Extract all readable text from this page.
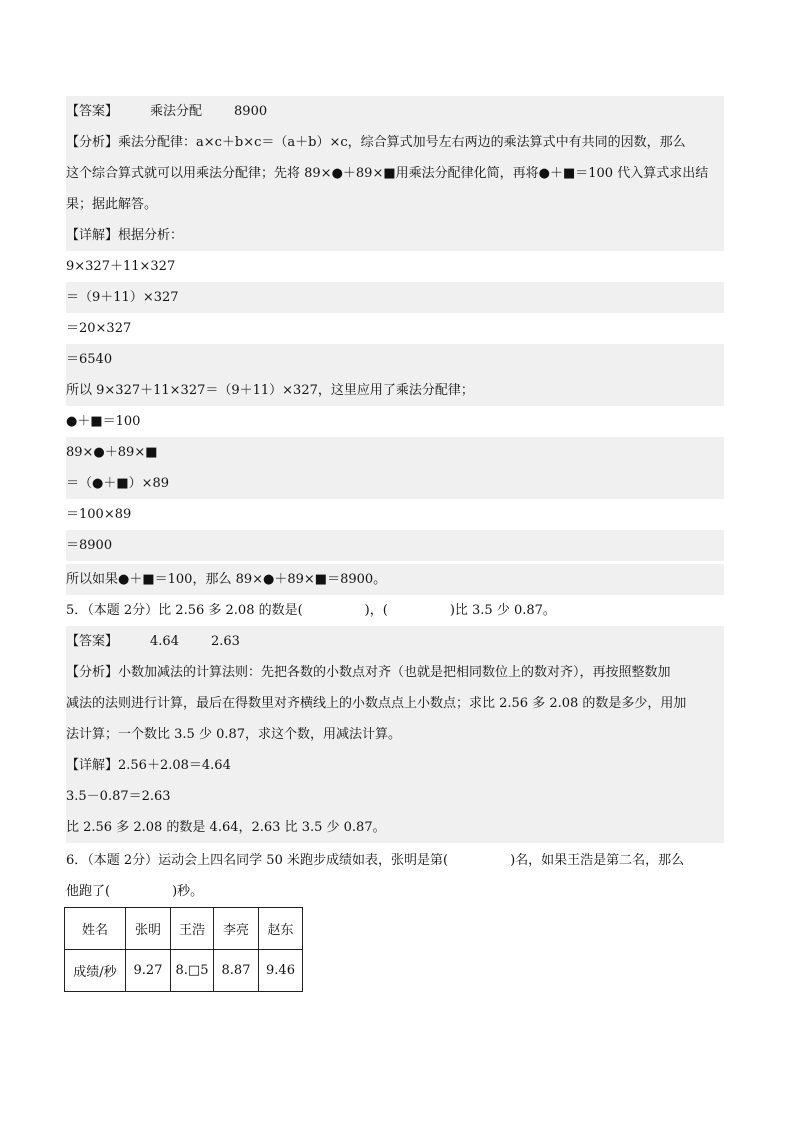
【答案】 乘法分配 8900
【分析】乘法分配律：a×c＋b×c＝（a＋b）×c，综合算式加号左右两边的乘法算式中有共同的因数，那么
这个综合算式就可以用乘法分配律；先将 89×●＋89×■用乘法分配律化简，再将●＋■＝100 代入算式求出结
果；据此解答。
【详解】根据分析：
9×327＋11×327
＝（9＋11）×327
＝20×327
＝6540
所以 9×327＋11×327＝（9＋11）×327，这里应用了乘法分配律；
●＋■＝100
89×●＋89×■
＝（●＋■）×89
＝100×89
＝8900
所以如果●＋■＝100，那么 89×●＋89×■＝8900。
5．（本题 2分）比 2.56 多 2.08 的数是(	)，(	)比 3.5 少 0.87。
【答案】 4.64 2.63
【分析】小数加减法的计算法则：先把各数的小数点对齐（也就是把相同数位上的数对齐），再按照整数加
减法的法则进行计算，最后在得数里对齐横线上的小数点点上小数点；求比 2.56 多 2.08 的数是多少，用加
法计算；一个数比 3.5 少 0.87，求这个数，用减法计算。
【详解】2.56＋2.08＝4.64
3.5－0.87＝2.63
比 2.56 多 2.08 的数是 4.64，2.63 比 3.5 少 0.87。
6．（本题 2分）运动会上四名同学 50 米跑步成绩如表，张明是第(	)名，如果王浩是第二名，那么
他跑了(	)秒。
姓名	张明	王浩	李亮	赵东
成绩/秒	9.27	8.□5	8.87	9.46
